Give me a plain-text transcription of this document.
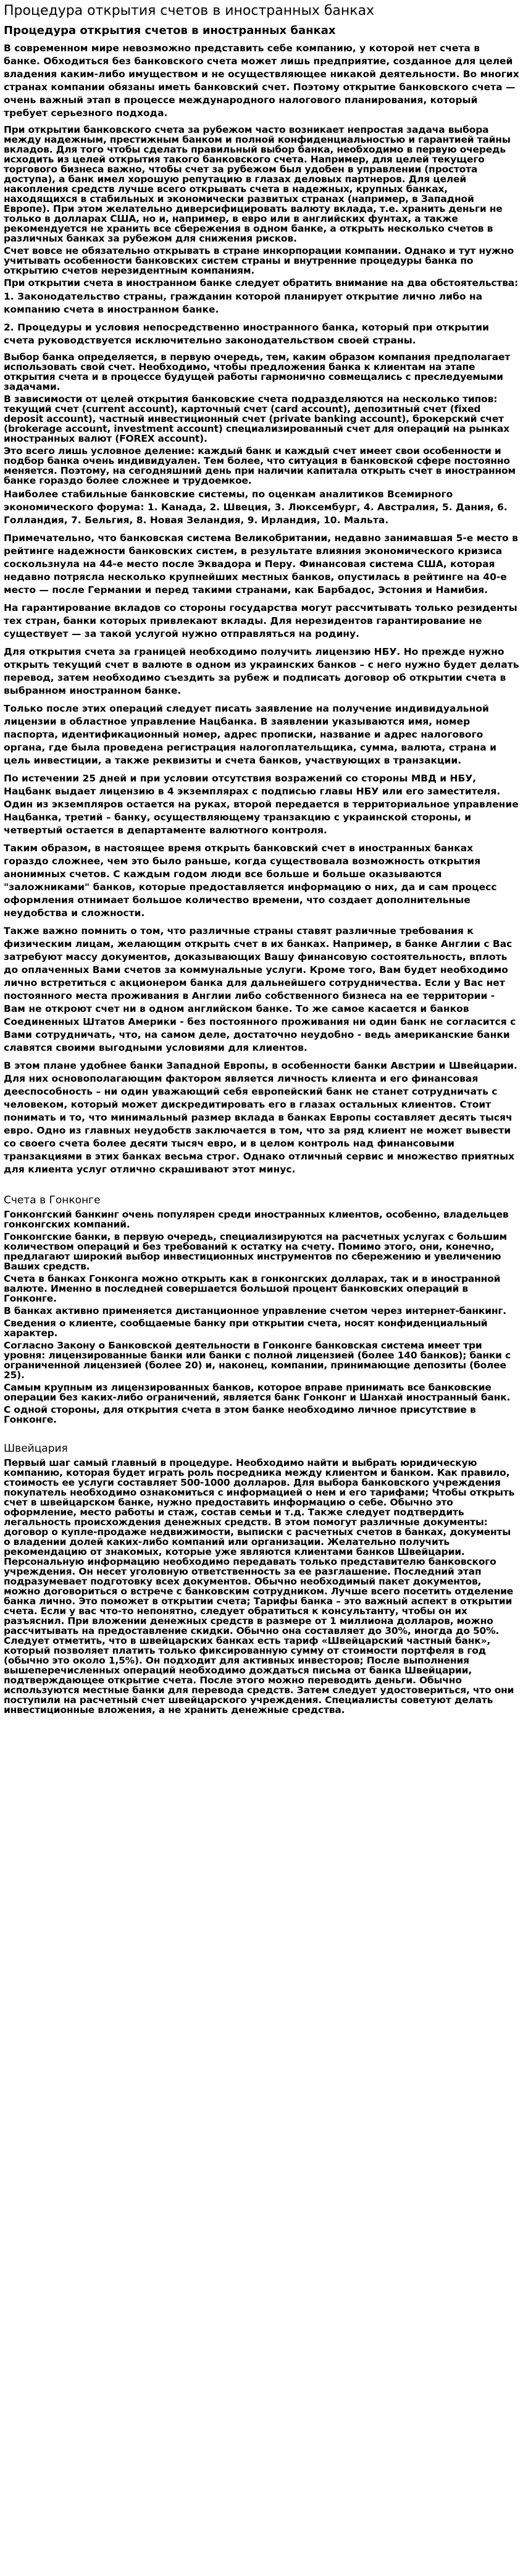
Процедура открытия счетов в иностранных банках
Процедура открытия счетов в иностранных банках

В современном мире невозможно представить себе компанию, у которой нет счета в банке. Обходиться без банковского счета может лишь предприятие, созданное для целей владения каким-либо имуществом и не осуществляющее никакой деятельности. Во многих странах компании обязаны иметь банковский счет. Поэтому открытие банковского счета — очень важный этап в процессе международного налогового планирования, который требует серьезного подхода.

При открытии банковского счета за рубежом часто возникает непростая задача выбора между надежным, престижным банком и полной конфиденциальностью и гарантией тайны вкладов. Для того чтобы сделать правильный выбор банка, необходимо в первую очередь исходить из целей открытия такого банковского счета. Например, для целей текущего торгового бизнеса важно, чтобы счет за рубежом был удобен в управлении (простота доступа), а банк имел хорошую репутацию в глазах деловых партнеров. Для целей накопления средств лучше всего открывать счета в надежных, крупных банках, находящихся в стабильных и экономически развитых странах (например, в Западной Европе). При этом желательно диверсифицировать валюту вклада, т.е. хранить деньги не только в долларах США, но и, например, в евро или в английских фунтах, а также рекомендуется не хранить все сбережения в одном банке, а открыть несколько счетов в различных банках за рубежом для снижения рисков.

Счет вовсе не обязательно открывать в стране инкорпорации компании. Однако и тут нужно учитывать особенности банковских систем страны и внутренние процедуры банка по открытию счетов нерезидентным компаниям.

При открытии счета в иностранном банке следует обратить внимание на два обстоятельства:

1. Законодательство страны, гражданин которой планирует открытие лично либо на компанию счета в иностранном банке.

2. Процедуры и условия непосредственно иностранного банка, который при открытии счета руководствуется исключительно законодательством своей страны.

Выбор банка определяется, в первую очередь, тем, каким образом компания предполагает использовать свой счет. Необходимо, чтобы предложения банка к клиентам на этапе открытия счета и в процессе будущей работы гармонично совмещались с преследуемыми задачами.

В зависимости от целей открытия банковские счета подразделяются на несколько типов: текущий счет (current account), карточный счет (card account), депозитный счет (fixed deposit account), частный инвестиционный счет (private banking account), брокерский счет (brokerage account, investment account) специализированный счет для операций на рынках иностранных валют (FOREX account).

Это всего лишь условное деление: каждый банк и каждый счет имеет свои особенности и подбор банка очень индивидуален. Тем более, что ситуация в банковской сфере постоянно меняется. Поэтому, на сегодняшний день при наличии капитала открыть счет в иностранном банке гораздо более сложнее и трудоемкое.

Наиболее стабильные банковские системы, по оценкам аналитиков Всемирного экономического форума: 1. Канада, 2. Швеция, 3. Люксембург, 4. Австралия, 5. Дания, 6. Голландия, 7. Бельгия, 8. Новая Зеландия, 9. Ирландия, 10. Мальта.

Примечательно, что банковская система Великобритании, недавно занимавшая 5-е место в рейтинге надежности банковских систем, в результате влияния экономического кризиса соскользнула на 44-е место после Эквадора и Перу. Финансовая система США, которая недавно потрясла несколько крупнейших местных банков, опустилась в рейтинге на 40-е место — после Германии и перед такими странами, как Барбадос, Эстония и Намибия.

На гарантирование вкладов со стороны государства могут рассчитывать только резиденты тех стран, банки которых привлекают вклады. Для нерезидентов гарантирование не существует — за такой услугой нужно отправляться на родину.

Для открытия счета за границей необходимо получить лицензию НБУ. Но прежде нужно открыть текущий счет в валюте в одном из украинских банков – с него нужно будет делать перевод, затем необходимо съездить за рубеж и подписать договор об открытии счета в выбранном иностранном банке.

Только после этих операций следует писать заявление на получение индивидуальной лицензии в областное управление Нацбанка. В заявлении указываются имя, номер паспорта, идентификационный номер, адрес прописки, название и адрес налогового органа, где была проведена регистрация налогоплательщика, сумма, валюта, страна и цель инвестиции, а также реквизиты и счета банков, участвующих в транзакции.

По истечении 25 дней и при условии отсутствия возражений со стороны МВД и НБУ, Нацбанк выдает лицензию в 4 экземплярах с подписью главы НБУ или его заместителя. Один из экземпляров остается на руках, второй передается в территориальное управление Нацбанка, третий – банку, осуществляющему транзакцию с украинской стороны, и четвертый остается в департаменте валютного контроля.

Таким образом, в настоящее время открыть банковский счет в иностранных банках гораздо сложнее, чем это было раньше, когда существовала возможность открытия анонимных счетов. С каждым годом люди все больше и больше оказываются "заложниками" банков, которые предоставляется информацию о них, да и сам процесс оформления отнимает большое количество времени, что создает дополнительные неудобства и сложности.

Также важно помнить о том, что различные страны ставят различные требования к физическим лицам, желающим открыть счет в их банках. Например, в банке Англии с Вас затребуют массу документов, доказывающих Вашу финансовую состоятельность, вплоть до оплаченных Вами счетов за коммунальные услуги. Кроме того, Вам будет необходимо лично встретиться с акционером банка для дальнейшего сотрудничества. Если у Вас нет постоянного места проживания в Англии либо собственного бизнеса на ее территории - Вам не откроют счет ни в одном английском банке. То же самое касается и банков Соединенных Штатов Америки - без постоянного проживания ни один банк не согласится с Вами сотрудничать, что, на самом деле, достаточно неудобно - ведь американские банки славятся своими выгодными условиями для клиентов.

В этом плане удобнее банки Западной Европы, в особенности банки Австрии и Швейцарии. Для них основополагающим фактором является личность клиента и его финансовая дееспособность – ни один уважающий себя европейский банк не станет сотрудничать с человеком, который может дискредитировать его в глазах остальных клиентов. Стоит понимать и то, что минимальный размер вклада в банках Европы составляет десять тысяч евро. Одно из главных неудобств заключается в том, что за ряд клиент не может вывести со своего счета более десяти тысяч евро, и в целом контроль над финансовыми транзакциями в этих банках весьма строг. Однако отличный сервис и множество приятных для клиента услуг отлично скрашивают этот минус.

Счета в Гонконге

Гонконгский банкинг очень популярен среди иностранных клиентов, особенно, владельцев гонконгских компаний.

Гонконгские банки, в первую очередь, специализируются на расчетных услугах с большим количеством операций и без требований к остатку на счету. Помимо этого, они, конечно, предлагают широкий выбор инвестиционных инструментов по сбережению и увеличению Ваших средств.

Счета в банках Гонконга можно открыть как в гонконгских долларах, так и в иностранной валюте. Именно в последней совершается большой процент банковских операций в Гонконге.

В банках активно применяется дистанционное управление счетом через интернет-банкинг.

Сведения о клиенте, сообщаемые банку при открытии счета, носят конфиденциальный характер.

Согласно Закону о Банковской деятельности в Гонконге банковская система имеет три уровня: лицензированные банки или банки с полной лицензией (более 140 банков); банки с ограниченной лицензией (более 20) и, наконец, компании, принимающие депозиты (более 25).

Самым крупным из лицензированных банков, которое вправе принимать все банковские операции без каких-либо ограничений, является банк Гонконг и Шанхай иностранный банк.

С одной стороны, для открытия счета в этом банке необходимо личное присутствие в Гонконге.

Швейцария

Первый шаг самый главный в процедуре. Необходимо найти и выбрать юридическую компанию, которая будет играть роль посредника между клиентом и банком. Как правило, стоимость ее услуги составляет 500-1000 долларов. Для выбора банковского учреждения покупатель необходимо ознакомиться с информацией о нем и его тарифами; Чтобы открыть счет в швейцарском банке, нужно предоставить информацию о себе. Обычно это оформление, место работы и стаж, состав семьи и т.д. Также следует подтвердить легальность происхождения денежных средств. В этом помогут различные документы: договор о купле-продаже недвижимости, выписки с расчетных счетов в банках, документы о владении долей каких-либо компаний или организации. Желательно получить рекомендацию от знакомых, которые уже являются клиентами банков Швейцарии. Персональную информацию необходимо передавать только представителю банковского учреждения. Он несет уголовную ответственность за ее разглашение. Последний этап подразумевает подготовку всех документов. Обычно необходимый пакет документов, можно договориться о встрече с банковским сотрудником. Лучше всего посетить отделение банка лично. Это поможет в открытии счета; Тарифы банка – это важный аспект в открытии счета. Если у вас что-то непонятно, следует обратиться к консультанту, чтобы он их разъяснил. При вложении денежных средств в размере от 1 миллиона долларов, можно рассчитывать на предоставление скидки. Обычно она составляет до 30%, иногда до 50%. Следует отметить, что в швейцарских банках есть тариф «Швейцарский частный банк», который позволяет платить только фиксированную сумму от стоимости портфеля в год (обычно это около 1,5%). Он подходит для активных инвесторов; После выполнения вышеперечисленных операций необходимо дождаться письма от банка Швейцарии, подтверждающее открытие счета. После этого можно переводить деньги. Обычно используются местные банки для перевода средств. Затем следует удостовериться, что они поступили на расчетный счет швейцарского учреждения. Специалисты советуют делать инвестиционные вложения, а не хранить денежные средства.
